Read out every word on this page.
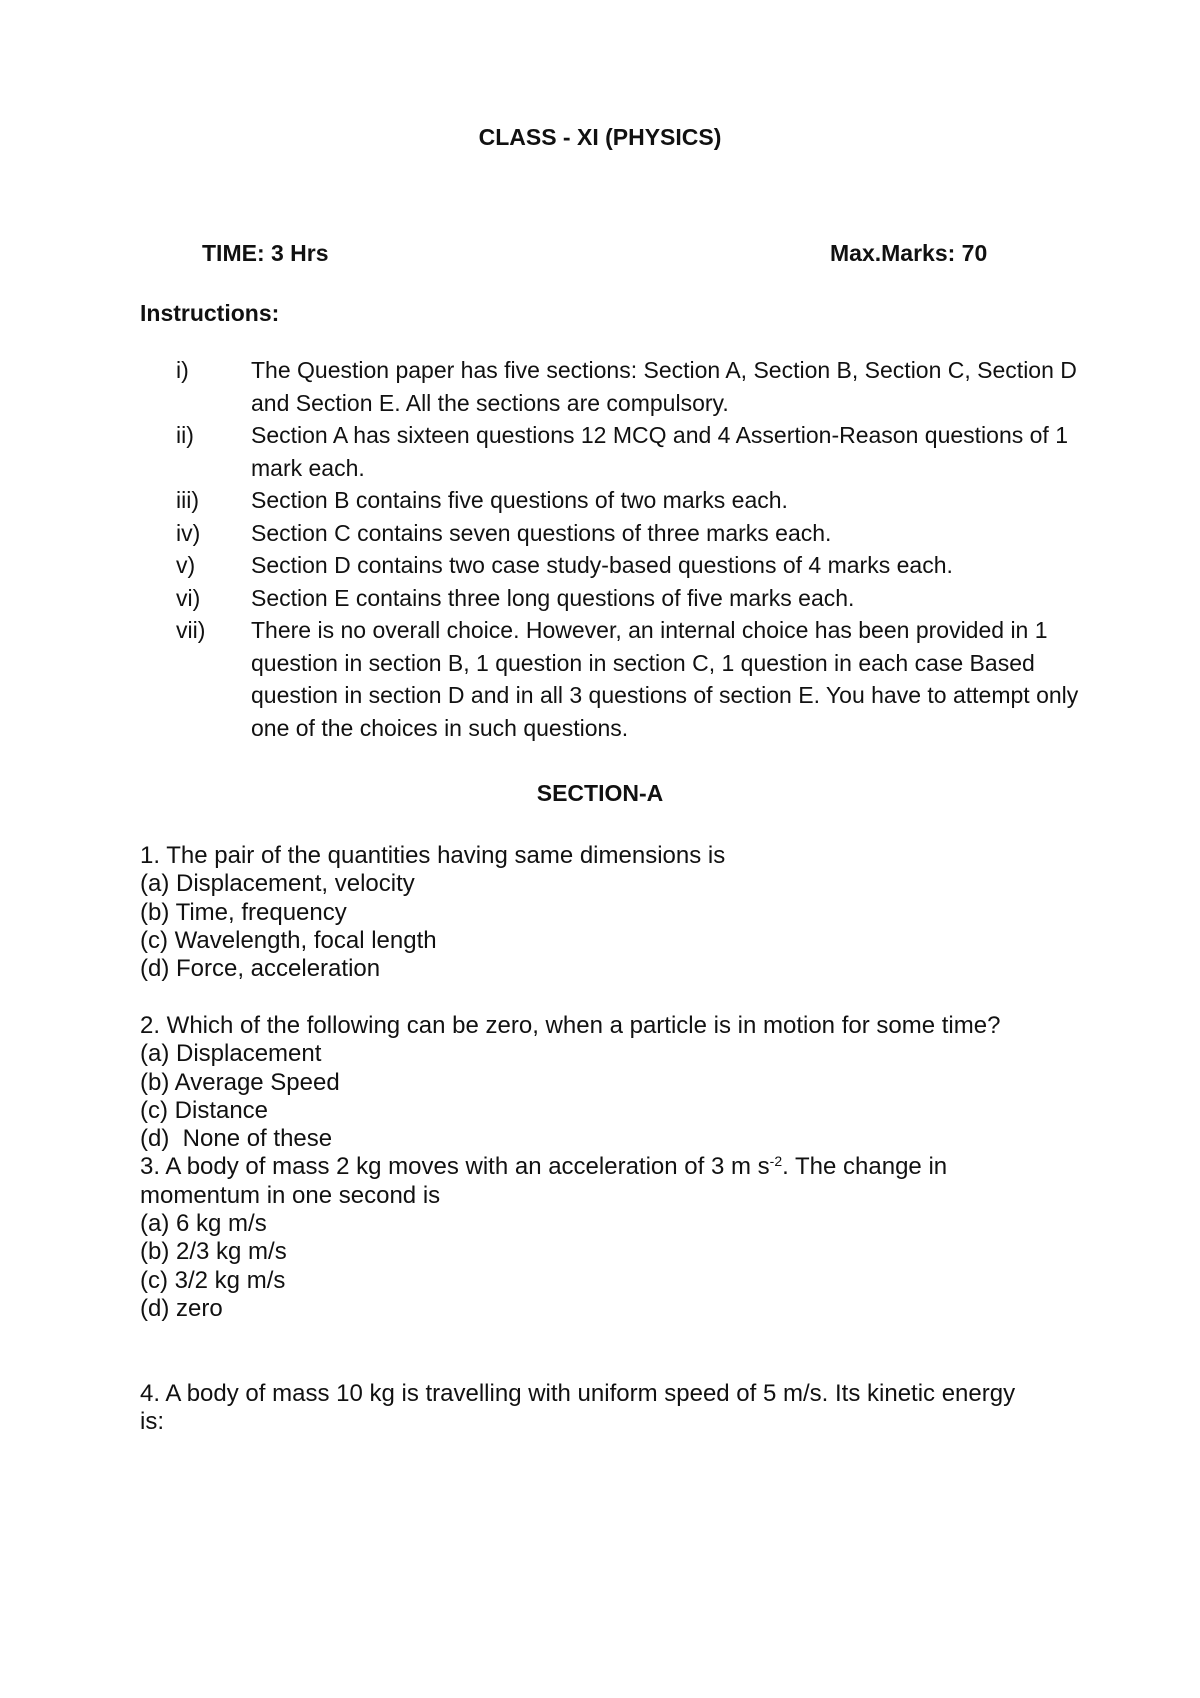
CLASS - XI (PHYSICS)
TIME: 3 Hrs	Max.Marks: 70
Instructions:
i)	The Question paper has five sections: Section A, Section B, Section C, Section D and Section E. All the sections are compulsory.
ii)	Section A has sixteen questions 12 MCQ and 4 Assertion-Reason questions of 1 mark each.
iii)	Section B contains five questions of two marks each.
iv)	Section C contains seven questions of three marks each.
v)	Section D contains two case study-based questions of 4 marks each.
vi)	Section E contains three long questions of five marks each.
vii)	There is no overall choice. However, an internal choice has been provided in 1 question in section B, 1 question in section C, 1 question in each case Based question in section D and in all 3 questions of section E. You have to attempt only one of the choices in such questions.
SECTION-A
1. The pair of the quantities having same dimensions is
(a) Displacement, velocity
(b) Time, frequency
(c) Wavelength, focal length
(d) Force, acceleration
2. Which of the following can be zero, when a particle is in motion for some time?
(a) Displacement
(b) Average Speed
(c) Distance
(d)  None of these
3. A body of mass 2 kg moves with an acceleration of 3 m $s^{-2}$. The change in
momentum in one second is
(a) 6 kg m/s
(b) 2/3 kg m/s
(c) 3/2 kg m/s
(d) zero
4. A body of mass 10 kg is travelling with uniform speed of 5 m/s. Its kinetic energy
is:
